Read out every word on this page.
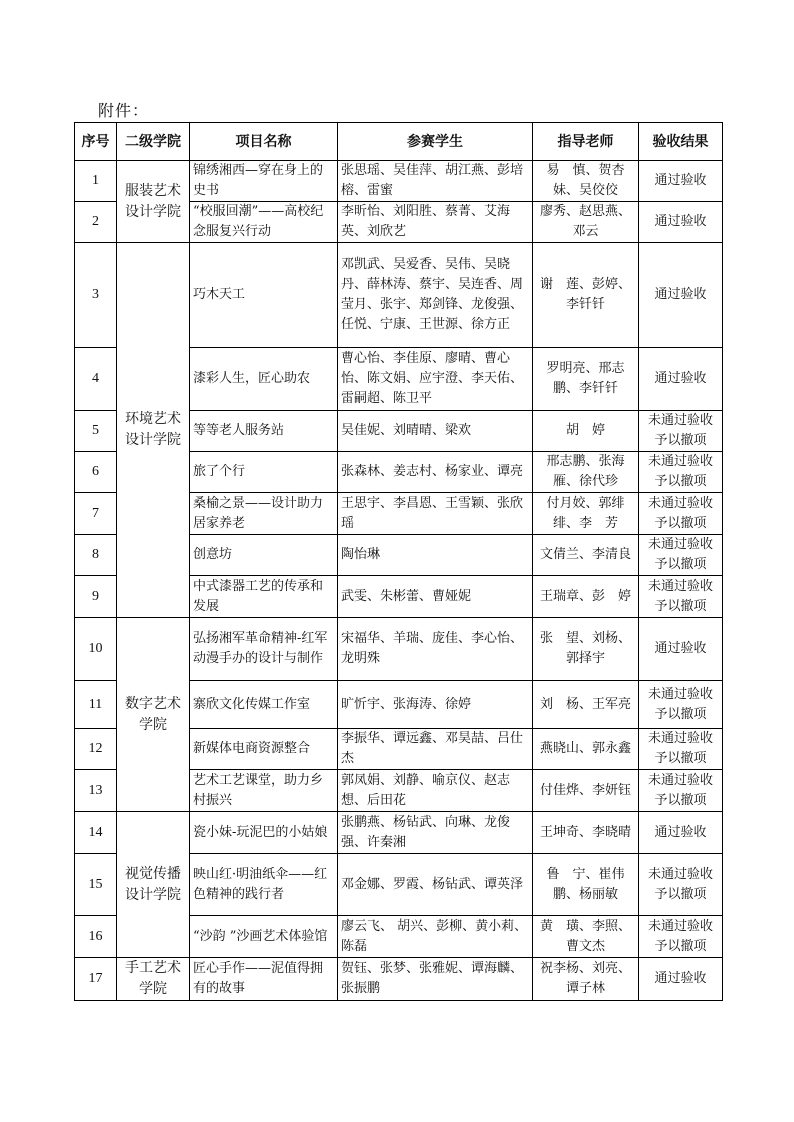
附件：
序号	二级学院	项目名称	参赛学生	指导老师	验收结果
1	服装艺术设计学院	锦绣湘西—穿在身上的史书	张思瑶、吴佳萍、胡江燕、彭培榕、雷蜜	易　慎、贺杏妹、吴佼佼	通过验收
2		“校服回潮”——高校纪念服复兴行动	李昕怡、刘阳胜、蔡菁、艾海英、刘欣艺	廖秀、赵思燕、邓云	通过验收
3	环境艺术设计学院	巧木天工	邓凯武、吴爱香、吴伟、吴晓丹、薛林涛、蔡宇、吴连香、周莹月、张宇、郑剑锋、龙俊强、任悦、宁康、王世源、徐方正	谢　莲、彭婷、李钎钎	通过验收
4		漆彩人生，匠心助农	曹心怡、李佳原、廖晴、曹心怡、陈文娟、应宇澄、李天佑、雷嗣超、陈卫平	罗明亮、邢志鹏、李钎钎	通过验收
5		等等老人服务站	吴佳妮、刘晴晴、梁欢	胡　婷	未通过验收予以撤项
6		旅了个行	张森林、姜志村、杨家业、谭亮	邢志鹏、张海雁、徐代珍	未通过验收予以撤项
7		桑榆之景——设计助力居家养老	王思宇、李昌恩、王雪颖、张欣瑶	付月姣、郭绯绯、李　芳	未通过验收予以撤项
8		创意坊	陶怡琳	文倩兰、李清良	未通过验收予以撤项
9		中式漆器工艺的传承和发展	武雯、朱彬蕾、曹娅妮	王瑞章、彭　婷	未通过验收予以撤项
10	数字艺术学院	弘扬湘军革命精神-红军动漫手办的设计与制作	宋福华、羊瑞、庞佳、李心怡、龙明殊	张　望、刘杨、郭择宇	通过验收
11		寨欣文化传媒工作室	旷忻宇、张海涛、徐婷	刘　杨、王军亮	未通过验收予以撤项
12		新媒体电商资源整合	李振华、谭远鑫、邓昊喆、吕仕杰	燕晓山、郭永鑫	未通过验收予以撤项
13		艺术工艺课堂，助力乡村振兴	郭凤娟、刘静、喻京仪、赵志想、后田花	付佳烨、李妍钰	未通过验收予以撤项
14	视觉传播设计学院	瓷小妹-玩泥巴的小姑娘	张鹏燕、杨钻武、向琳、龙俊强、许秦湘	王坤奇、李晓晴	通过验收
15		映山红·明油纸伞——红色精神的践行者	邓金娜、罗霞、杨钻武、谭英泽	鲁　宁、崔伟鹏、杨丽敏	未通过验收予以撤项
16		“沙韵 ”沙画艺术体验馆	廖云飞、 胡兴、彭柳、黄小莉、陈磊	黄　璜、李照、曹文杰	未通过验收予以撤项
17	手工艺术学院	匠心手作——泥值得拥有的故事	贺钰、张梦、张雅妮、谭海麟、张振鹏	祝李杨、刘亮、谭子林	通过验收
